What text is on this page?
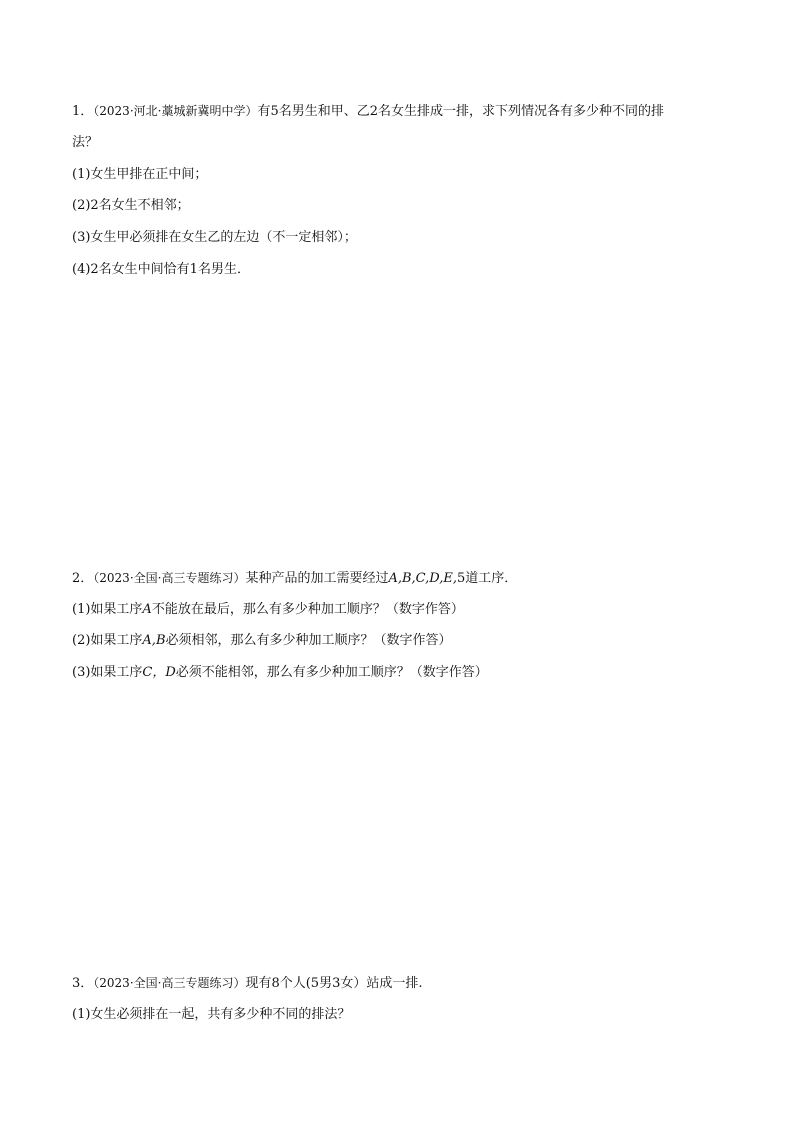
1．（2023·河北·藁城新冀明中学）有5名男生和甲、乙2名女生排成一排，求下列情况各有多少种不同的排
法？
(1)女生甲排在正中间；
(2)2名女生不相邻；
(3)女生甲必须排在女生乙的左边（不一定相邻）；
(4)2名女生中间恰有1名男生．
2．（2023·全国·高三专题练习）某种产品的加工需要经过A,B,C,D,E,5道工序．
(1)如果工序A不能放在最后，那么有多少种加工顺序？（数字作答）
(2)如果工序A,B必须相邻，那么有多少种加工顺序？（数字作答）
(3)如果工序C，D必须不能相邻，那么有多少种加工顺序？（数字作答）
3．（2023·全国·高三专题练习）现有8个人(5男3女）站成一排.
(1)女生必须排在一起，共有多少种不同的排法？
